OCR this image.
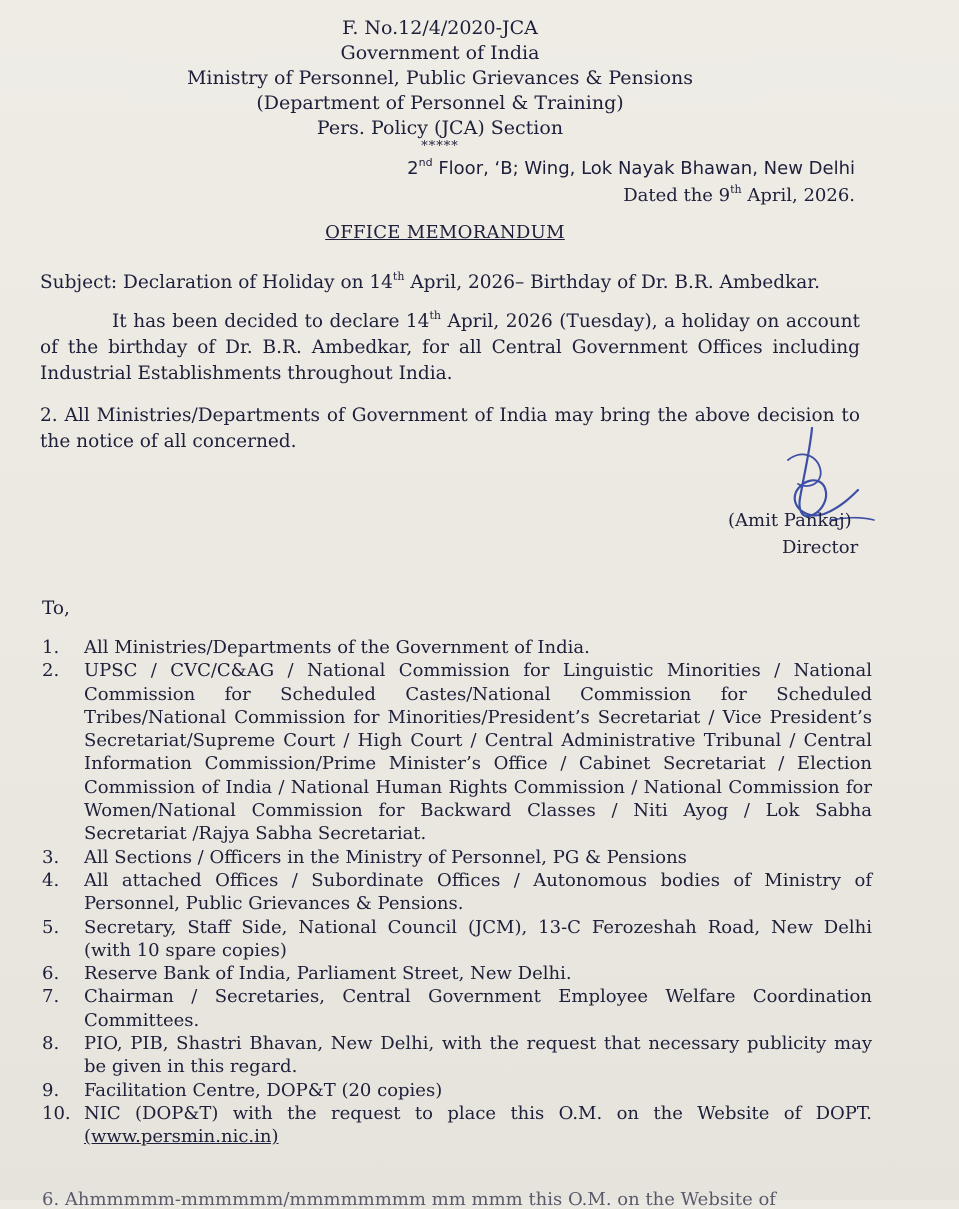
F. No.12/4/2020-JCA
Government of India
Ministry of Personnel, Public Grievances & Pensions
(Department of Personnel & Training)
Pers. Policy (JCA) Section
*****
2nd Floor, ‘B; Wing, Lok Nayak Bhawan, New Delhi
Dated the 9th April, 2026.
OFFICE MEMORANDUM
Subject: Declaration of Holiday on 14th April, 2026– Birthday of Dr. B.R. Ambedkar.
It has been decided to declare 14th April, 2026 (Tuesday), a holiday on account of the birthday of Dr. B.R. Ambedkar, for all Central Government Offices including Industrial Establishments throughout India.
2. All Ministries/Departments of Government of India may bring the above decision to the notice of all concerned.
(Amit Pankaj)
Director
To,
1.	All Ministries/Departments of the Government of India.
2.	UPSC / CVC/C&AG / National Commission for Linguistic Minorities / National Commission for Scheduled Castes/National Commission for Scheduled Tribes/National Commission for Minorities/President’s Secretariat / Vice President’s Secretariat/Supreme Court / High Court / Central Administrative Tribunal / Central Information Commission/Prime Minister’s Office / Cabinet Secretariat / Election Commission of India / National Human Rights Commission / National Commission for Women/National Commission for Backward Classes / Niti Ayog / Lok Sabha Secretariat /Rajya Sabha Secretariat.
3.	All Sections / Officers in the Ministry of Personnel, PG & Pensions
4.	All attached Offices / Subordinate Offices / Autonomous bodies of Ministry of Personnel, Public Grievances & Pensions.
5.	Secretary, Staff Side, National Council (JCM), 13-C Ferozeshah Road, New Delhi (with 10 spare copies)
6.	Reserve Bank of India, Parliament Street, New Delhi.
7.	Chairman / Secretaries, Central Government Employee Welfare Coordination Committees.
8.	PIO, PIB, Shastri Bhavan, New Delhi, with the request that necessary publicity may be given in this regard.
9.	Facilitation Centre, DOP&T (20 copies)
10. NIC (DOP&T) with the request to place this O.M. on the Website of DOPT.(www.persmin.nic.in)
6. Ahmmmmm-mmmmmm/mmmmmmmm mm mmm this O.M. on the Website of
